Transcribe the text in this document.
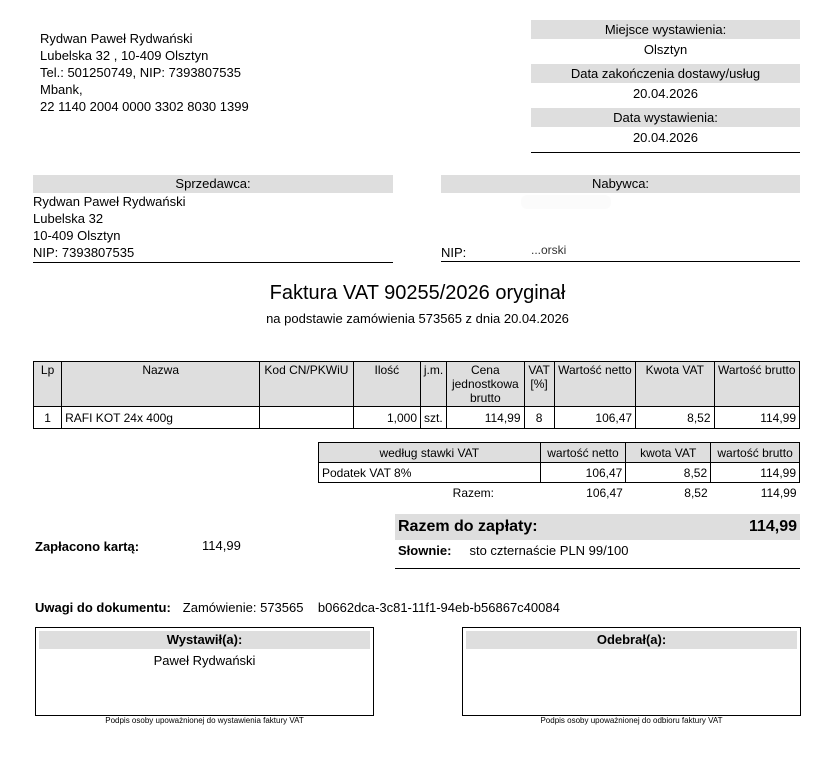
Rydwan Paweł Rydwański
Lubelska 32 , 10-409 Olsztyn
Tel.: 501250749, NIP: 7393807535
Mbank,
22 1140 2004 0000 3302 8030 1399
Miejsce wystawienia:
Olsztyn
Data zakończenia dostawy/usług
20.04.2026
Data wystawienia:
20.04.2026
Sprzedawca:
Rydwan Paweł Rydwański
Lubelska 32
10-409 Olsztyn
NIP: 7393807535
Nabywca:
...orski
NIP:
Faktura VAT 90255/2026 oryginał
na podstawie zamówienia 573565 z dnia 20.04.2026
Lp	Nazwa	Kod CN/PKWiU	Ilość	j.m.	Cena jednostkowa brutto	VAT [%]	Wartość netto	Kwota VAT	Wartość brutto
1	RAFI KOT 24x 400g		1,000	szt.	114,99	8	106,47	8,52	114,99
według stawki VAT	wartość netto	kwota VAT	wartość brutto
Podatek VAT 8%	106,47	8,52	114,99
Razem:	106,47	8,52	114,99
Zapłacono kartą:	114,99
Razem do zapłaty:	114,99
Słownie: sto czternaście PLN 99/100
Uwagi do dokumentu: Zamówienie: 573565    b0662dca-3c81-11f1-94eb-b56867c40084
Wystawił(a):
Paweł Rydwański
Podpis osoby upoważnionej do wystawienia faktury VAT
Odebrał(a):
Podpis osoby upoważnionej do odbioru faktury VAT
